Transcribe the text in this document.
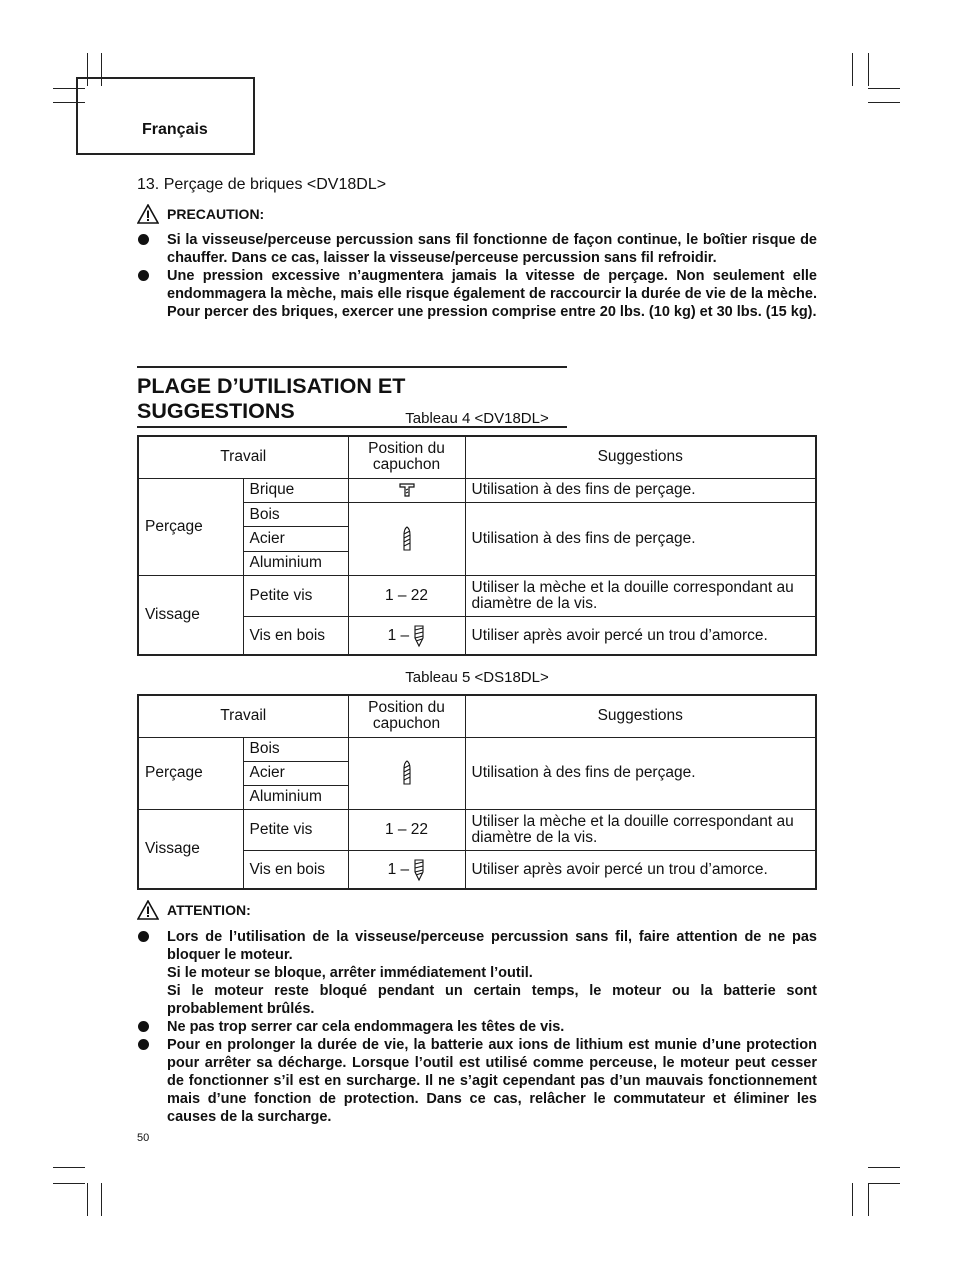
Français
13. Perçage de briques <DV18DL>
PRECAUTION:

Si la visseuse/perceuse percussion sans fil fonctionne de façon continue, le boîtier risque de chauffer. Dans ce cas, laisser la visseuse/perceuse percussion sans fil refroidir.

Une pression excessive n’augmentera jamais la vitesse de perçage. Non seulement elle endommagera la mèche, mais elle risque également de raccourcir la durée de vie de la mèche. Pour percer des briques, exercer une pression comprise entre 20 lbs. (10 kg) et 30 lbs. (15 kg).

PLAGE D’UTILISATION ET SUGGESTIONS	Tableau 4 <DV18DL>
Travail		Position du capuchon	Suggestions
Perçage	Brique		Utilisation à des fins de perçage.
	Bois		Utilisation à des fins de perçage.
	Acier		
	Aluminium		
Vissage	Petite vis	1 – 22	Utiliser la mèche et la douille correspondant au diamètre de la vis.
	Vis en bois	1 –	Utiliser après avoir percé un trou d’amorce.
Tableau 5 <DS18DL>
Travail		Position du capuchon	Suggestions
Perçage	Bois		Utilisation à des fins de perçage.
	Acier		
	Aluminium		
Vissage	Petite vis	1 – 22	Utiliser la mèche et la douille correspondant au diamètre de la vis.
	Vis en bois	1 –	Utiliser après avoir percé un trou d’amorce.
ATTENTION:

Lors de l’utilisation de la visseuse/perceuse percussion sans fil, faire attention de ne pas bloquer le moteur.

Si le moteur se bloque, arrêter immédiatement l’outil.

Si le moteur reste bloqué pendant un certain temps, le moteur ou la batterie sont probablement brûlés.

Ne pas trop serrer car cela endommagera les têtes de vis.

Pour en prolonger la durée de vie, la batterie aux ions de lithium est munie d’une protection pour arrêter sa décharge. Lorsque l’outil est utilisé comme perceuse, le moteur peut cesser de fonctionner s’il est en surcharge. Il ne s’agit cependant pas d’un mauvais fonctionnement mais d’une fonction de protection. Dans ce cas, relâcher le commutateur et éliminer les causes de la surcharge.

50
